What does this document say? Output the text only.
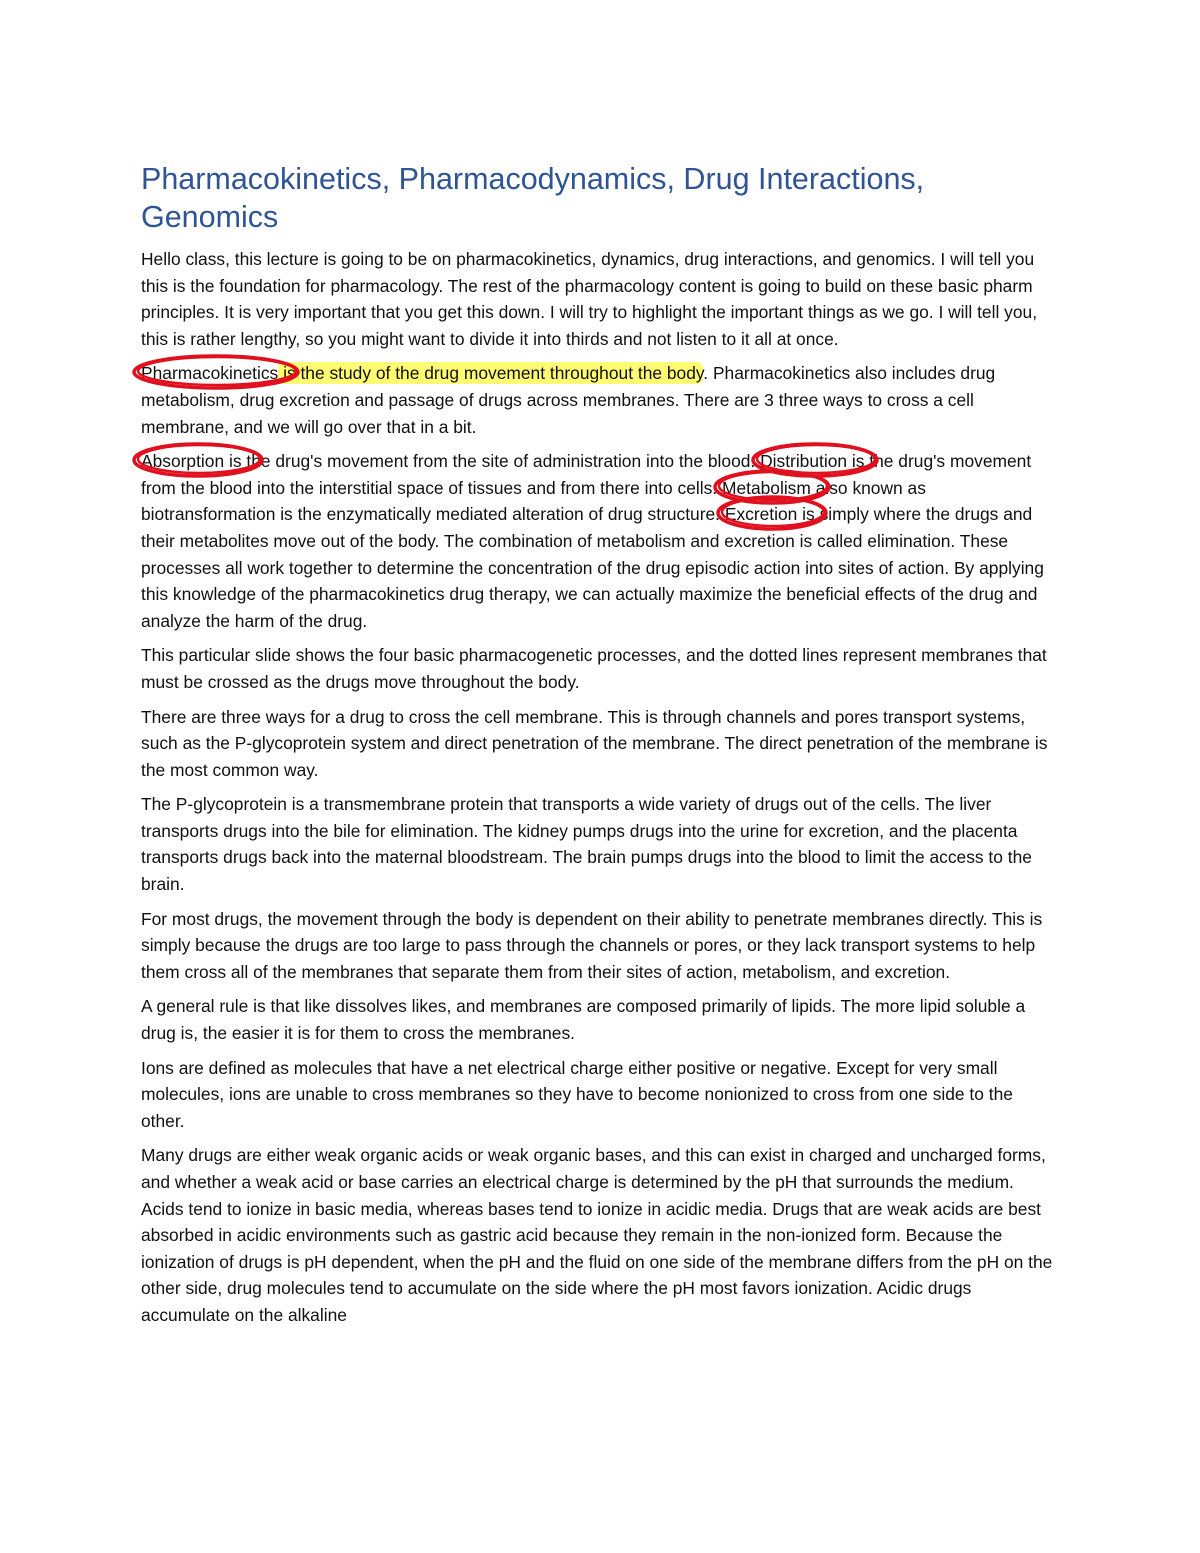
Pharmacokinetics, Pharmacodynamics, Drug Interactions, Genomics

Hello class, this lecture is going to be on pharmacokinetics, dynamics, drug interactions, and genomics. I will tell you this is the foundation for pharmacology. The rest of the pharmacology content is going to build on these basic pharm principles. It is very important that you get this down. I will try to highlight the important things as we go. I will tell you, this is rather lengthy, so you might want to divide it into thirds and not listen to it all at once.

Pharmacokinetics
is the study of the drug movement throughout the body. Pharmacokinetics also includes drug metabolism, drug excretion and passage of drugs across membranes. There are 3 three ways to cross a cell membrane, and we will go over that in a bit.

Absorption
is the drug's movement from the site of administration into the blood. Distribution
is the drug's movement from the blood into the interstitial space of tissues and from there into cells. Metabolism
also known as biotransformation is the enzymatically mediated alteration of drug structure. Excretion
is simply where the drugs and their metabolites move out of the body. The combination of metabolism and excretion is called elimination. These processes all work together to determine the concentration of the drug episodic action into sites of action. By applying this knowledge of the pharmacokinetics drug therapy, we can actually maximize the beneficial effects of the drug and analyze the harm of the drug.

This particular slide shows the four basic pharmacogenetic processes, and the dotted lines represent membranes that must be crossed as the drugs move throughout the body.

There are three ways for a drug to cross the cell membrane. This is through channels and pores transport systems, such as the P-glycoprotein system and direct penetration of the membrane. The direct penetration of the membrane is the most common way.

The P-glycoprotein is a transmembrane protein that transports a wide variety of drugs out of the cells. The liver transports drugs into the bile for elimination. The kidney pumps drugs into the urine for excretion, and the placenta transports drugs back into the maternal bloodstream. The brain pumps drugs into the blood to limit the access to the brain.

For most drugs, the movement through the body is dependent on their ability to penetrate membranes directly. This is simply because the drugs are too large to pass through the channels or pores, or they lack transport systems to help them cross all of the membranes that separate them from their sites of action, metabolism, and excretion.

A general rule is that like dissolves likes, and membranes are composed primarily of lipids. The more lipid soluble a drug is, the easier it is for them to cross the membranes.

Ions are defined as molecules that have a net electrical charge either positive or negative. Except for very small molecules, ions are unable to cross membranes so they have to become nonionized to cross from one side to the other.

Many drugs are either weak organic acids or weak organic bases, and this can exist in charged and uncharged forms, and whether a weak acid or base carries an electrical charge is determined by the pH that surrounds the medium. Acids tend to ionize in basic media, whereas bases tend to ionize in acidic media. Drugs that are weak acids are best absorbed in acidic environments such as gastric acid because they remain in the non-ionized form. Because the ionization of drugs is pH dependent, when the pH and the fluid on one side of the membrane differs from the pH on the other side, drug molecules tend to accumulate on the side where the pH most favors ionization. Acidic drugs accumulate on the alkaline
